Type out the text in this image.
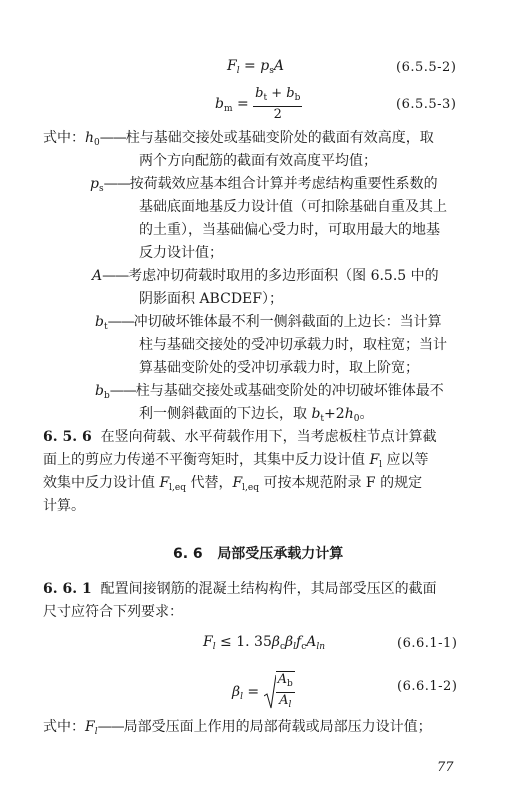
$F_l = p_sA$	(6.5.5-2)
$b_m = \frac{b_t + b_b}{2}$	(6.5.5-3)
式中：$h_0——$柱与基础交接处或基础变阶处的截面有效高度，取
两个方向配筋的截面有效高度平均值；
$p_s——$按荷载效应基本组合计算并考虑结构重要性系数的
基础底面地基反力设计值（可扣除基础自重及其上
的土重），当基础偏心受力时，可取用最大的地基
反力设计值；
A——考虑冲切荷载时取用的多边形面积（图 6.5.5 中的
阴影面积 ABCDEF）；
$b_t——$冲切破坏锥体最不利一侧斜截面的上边长：当计算
柱与基础交接处的受冲切承载力时，取柱宽；当计
算基础变阶处的受冲切承载力时，取上阶宽；
$b_b——$柱与基础交接处或基础变阶处的冲切破坏锥体最不
利一侧斜截面的下边长，取 $b_t+2h_0$。
6. 5. 6 在竖向荷载、水平荷载作用下，当考虑板柱节点计算截
面上的剪应力传递不平衡弯矩时，其集中反力设计值 $F_l$ 应以等
效集中反力设计值 $F_{l,eq}$ 代替，$F_{l,eq}$ 可按本规范附录 F 的规定
计算。
6. 6 局部受压承载力计算
6. 6. 1 配置间接钢筋的混凝土结构构件，其局部受压区的截面
尺寸应符合下列要求：
$F_l \le 1$. $35\beta_c\beta_lf_cA_{ln}$	(6.6.1-1)
$\beta_l = \frac{A_b}{A_l}$	(6.6.1-2)
式中：$F_l——$局部受压面上作用的局部荷载或局部压力设计值；
77
